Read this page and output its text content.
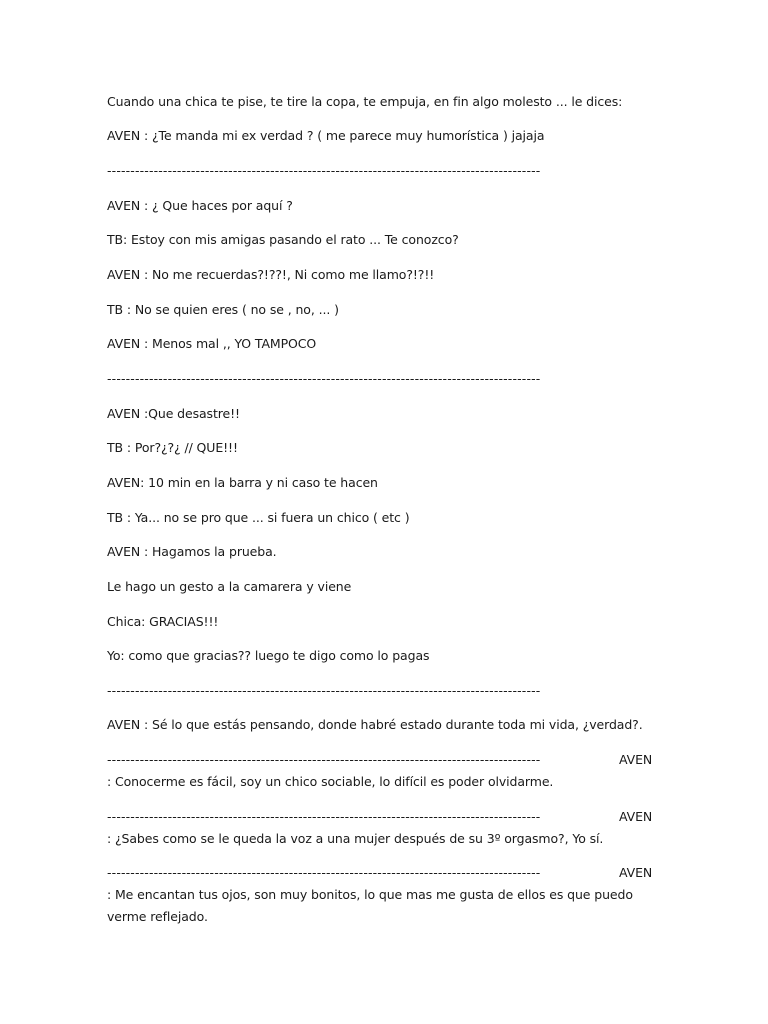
Cuando una chica te pise, te tire la copa, te empuja, en fin algo molesto ... le dices:
AVEN : ¿Te manda mi ex verdad ? ( me parece muy humorística ) jajaja
---------------------------------------------------------------------------------------------
AVEN : ¿ Que haces por aquí ?
TB: Estoy con mis amigas pasando el rato ... Te conozco?
AVEN : No me recuerdas?!??!, Ni como me llamo?!?!!
TB : No se quien eres ( no se , no, ... )
AVEN : Menos mal ,, YO TAMPOCO
---------------------------------------------------------------------------------------------
AVEN :Que desastre!!
TB : Por?¿?¿ // QUE!!!
AVEN: 10 min en la barra y ni caso te hacen
TB : Ya... no se pro que ... si fuera un chico ( etc )
AVEN : Hagamos la prueba.
Le hago un gesto a la camarera y viene
Chica: GRACIAS!!!
Yo: como que gracias?? luego te digo como lo pagas
---------------------------------------------------------------------------------------------
AVEN : Sé lo que estás pensando, donde habré estado durante toda mi vida, ¿verdad?.
---------------------------------------------------------------------------------------------	AVEN
: Conocerme es fácil, soy un chico sociable, lo difícil es poder olvidarme.
---------------------------------------------------------------------------------------------	AVEN
: ¿Sabes como se le queda la voz a una mujer después de su 3º orgasmo?, Yo sí.
---------------------------------------------------------------------------------------------	AVEN
: Me encantan tus ojos, son muy bonitos, lo que mas me gusta de ellos es que puedo
verme reflejado.
